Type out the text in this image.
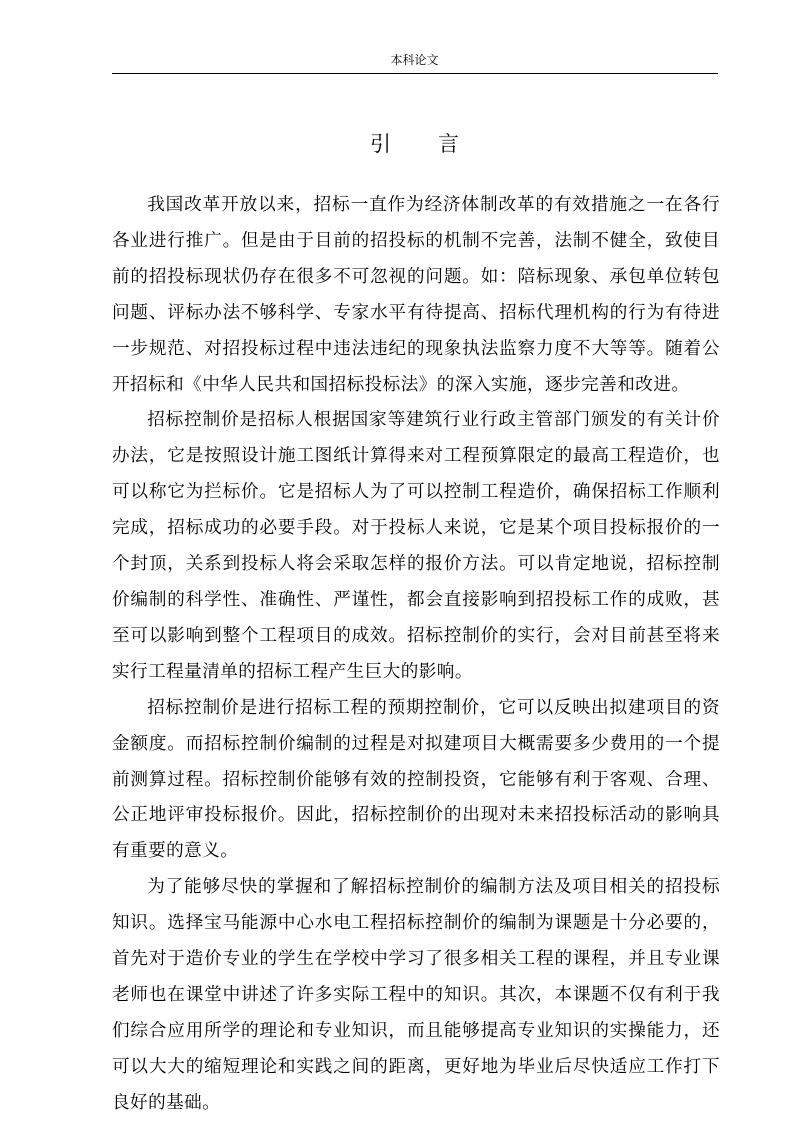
本科论文
引 言

我国改革开放以来，招标一直作为经济体制改革的有效措施之一在各行各业进行推广。但是由于目前的招投标的机制不完善，法制不健全，致使目前的招投标现状仍存在很多不可忽视的问题。如：陪标现象、承包单位转包问题、评标办法不够科学、专家水平有待提高、招标代理机构的行为有待进一步规范、对招投标过程中违法违纪的现象执法监察力度不大等等。随着公开招标和《中华人民共和国招标投标法》的深入实施，逐步完善和改进。

招标控制价是招标人根据国家等建筑行业行政主管部门颁发的有关计价办法，它是按照设计施工图纸计算得来对工程预算限定的最高工程造价，也可以称它为拦标价。它是招标人为了可以控制工程造价，确保招标工作顺利完成，招标成功的必要手段。对于投标人来说，它是某个项目投标报价的一个封顶，关系到投标人将会采取怎样的报价方法。可以肯定地说，招标控制价编制的科学性、准确性、严谨性，都会直接影响到招投标工作的成败，甚至可以影响到整个工程项目的成效。招标控制价的实行，会对目前甚至将来实行工程量清单的招标工程产生巨大的影响。

招标控制价是进行招标工程的预期控制价，它可以反映出拟建项目的资金额度。而招标控制价编制的过程是对拟建项目大概需要多少费用的一个提前测算过程。招标控制价能够有效的控制投资，它能够有利于客观、合理、公正地评审投标报价。因此，招标控制价的出现对未来招投标活动的影响具有重要的意义。

为了能够尽快的掌握和了解招标控制价的编制方法及项目相关的招投标知识。选择宝马能源中心水电工程招标控制价的编制为课题是十分必要的，首先对于造价专业的学生在学校中学习了很多相关工程的课程，并且专业课老师也在课堂中讲述了许多实际工程中的知识。其次，本课题不仅有利于我们综合应用所学的理论和专业知识，而且能够提高专业知识的实操能力，还可以大大的缩短理论和实践之间的距离，更好地为毕业后尽快适应工作打下良好的基础。
